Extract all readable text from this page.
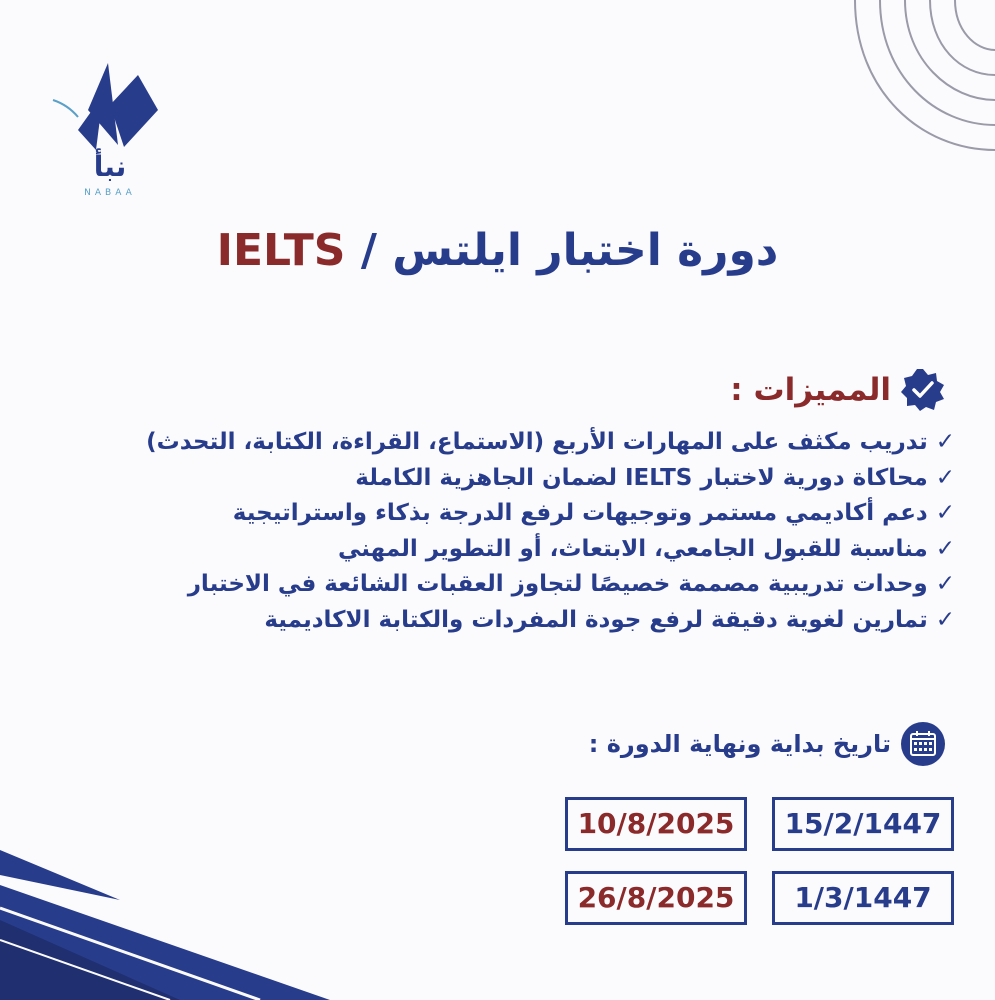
نبأ
NABAA
دورة اختبار ايلتس / IELTS
المميزات :
✓تدريب مكثف على المهارات الأربع (الاستماع، القراءة، الكتابة، التحدث)
✓محاكاة دورية لاختبار IELTS لضمان الجاهزية الكاملة
✓دعم أكاديمي مستمر وتوجيهات لرفع الدرجة بذكاء واستراتيجية
✓مناسبة للقبول الجامعي، الابتعاث، أو التطوير المهني
✓وحدات تدريبية مصممة خصيصًا لتجاوز العقبات الشائعة في الاختبار
✓تمارين لغوية دقيقة لرفع جودة المفردات والكتابة الاكاديمية
تاريخ بداية ونهاية الدورة :
15/2/1447
10/8/2025
1/3/1447
26/8/2025
